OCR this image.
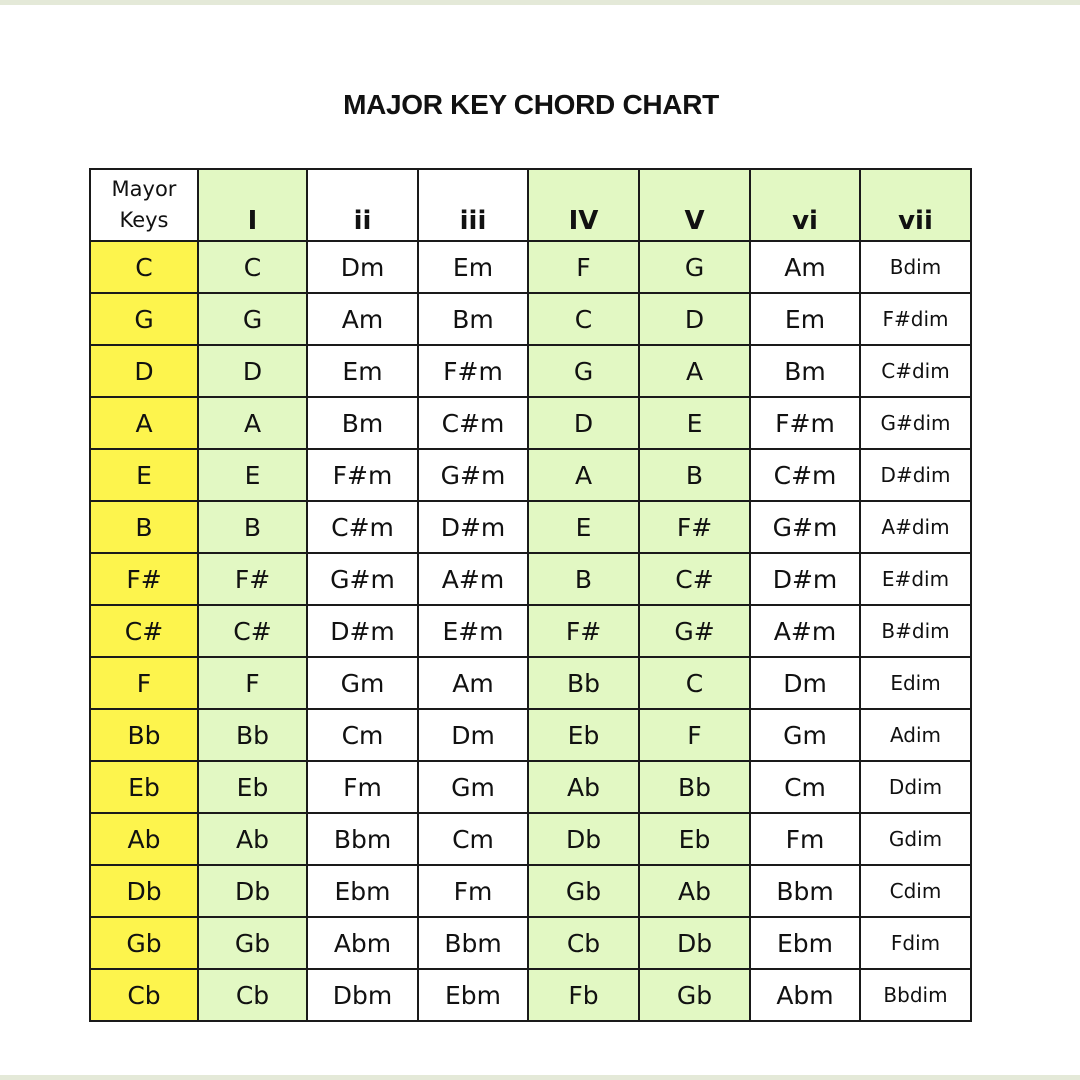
MAJOR KEY CHORD CHART
Mayor
Keys	I	ii	iii	IV	V	vi	vii
C	C	Dm	Em	F	G	Am	Bdim
G	G	Am	Bm	C	D	Em	F#dim
D	D	Em	F#m	G	A	Bm	C#dim
A	A	Bm	C#m	D	E	F#m	G#dim
E	E	F#m	G#m	A	B	C#m	D#dim
B	B	C#m	D#m	E	F#	G#m	A#dim
F#	F#	G#m	A#m	B	C#	D#m	E#dim
C#	C#	D#m	E#m	F#	G#	A#m	B#dim
F	F	Gm	Am	Bb	C	Dm	Edim
Bb	Bb	Cm	Dm	Eb	F	Gm	Adim
Eb	Eb	Fm	Gm	Ab	Bb	Cm	Ddim
Ab	Ab	Bbm	Cm	Db	Eb	Fm	Gdim
Db	Db	Ebm	Fm	Gb	Ab	Bbm	Cdim
Gb	Gb	Abm	Bbm	Cb	Db	Ebm	Fdim
Cb	Cb	Dbm	Ebm	Fb	Gb	Abm	Bbdim
